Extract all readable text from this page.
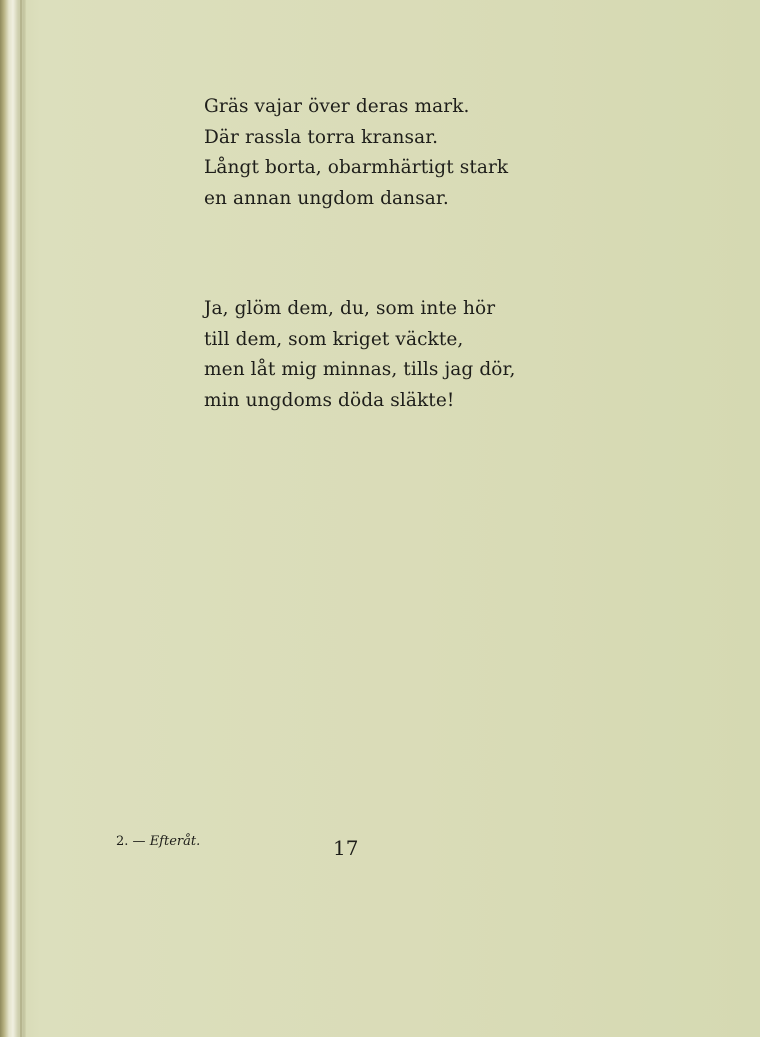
Gräs vajar över deras mark.
Där rassla torra kransar.
Långt borta, obarmhärtigt stark
en annan ungdom dansar.
Ja, glöm dem, du, som inte hör
till dem, som kriget väckte,
men låt mig minnas, tills jag dör,
min ungdoms döda släkte!
2. — Efteråt.	17
